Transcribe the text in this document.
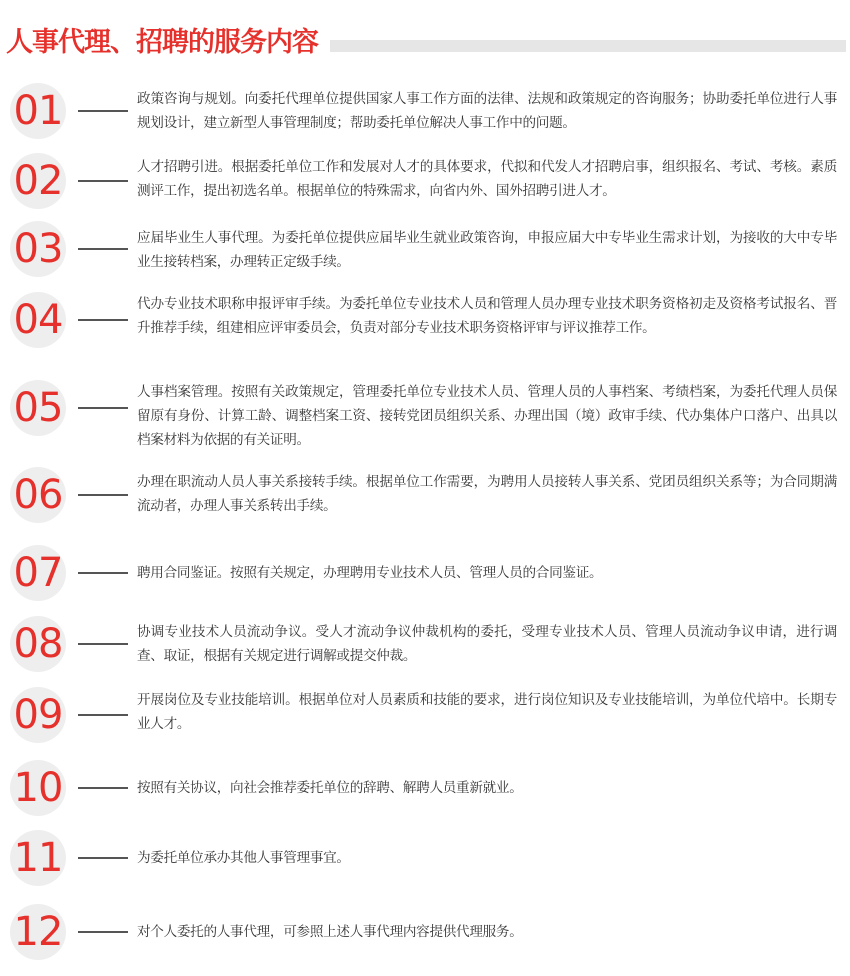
人事代理、招聘的服务内容
01	政策咨询与规划。向委托代理单位提供国家人事工作方面的法律、法规和政策规定的咨询服务；协助委托单位进行人事规划设计，建立新型人事管理制度；帮助委托单位解决人事工作中的问题。
02	人才招聘引进。根据委托单位工作和发展对人才的具体要求，代拟和代发人才招聘启事，组织报名、考试、考核。素质测评工作，提出初选名单。根据单位的特殊需求，向省内外、国外招聘引进人才。
03	应届毕业生人事代理。为委托单位提供应届毕业生就业政策咨询，申报应届大中专毕业生需求计划，为接收的大中专毕业生接转档案，办理转正定级手续。
04	代办专业技术职称申报评审手续。为委托单位专业技术人员和管理人员办理专业技术职务资格初走及资格考试报名、晋升推荐手续，组建相应评审委员会，负责对部分专业技术职务资格评审与评议推荐工作。
05	人事档案管理。按照有关政策规定，管理委托单位专业技术人员、管理人员的人事档案、考绩档案，为委托代理人员保留原有身份、计算工龄、调整档案工资、接转党团员组织关系、办理出国（境）政审手续、代办集体户口落户、出具以档案材料为依据的有关证明。
06	办理在职流动人员人事关系接转手续。根据单位工作需要，为聘用人员接转人事关系、党团员组织关系等；为合同期满流动者，办理人事关系转出手续。
07	聘用合同鉴证。按照有关规定，办理聘用专业技术人员、管理人员的合同鉴证。
08	协调专业技术人员流动争议。受人才流动争议仲裁机构的委托，受理专业技术人员、管理人员流动争议申请，进行调查、取证，根据有关规定进行调解或提交仲裁。
09	开展岗位及专业技能培训。根据单位对人员素质和技能的要求，进行岗位知识及专业技能培训，为单位代培中。长期专业人才。
10	按照有关协议，向社会推荐委托单位的辞聘、解聘人员重新就业。
11	为委托单位承办其他人事管理事宜。
12	对个人委托的人事代理，可参照上述人事代理内容提供代理服务。
